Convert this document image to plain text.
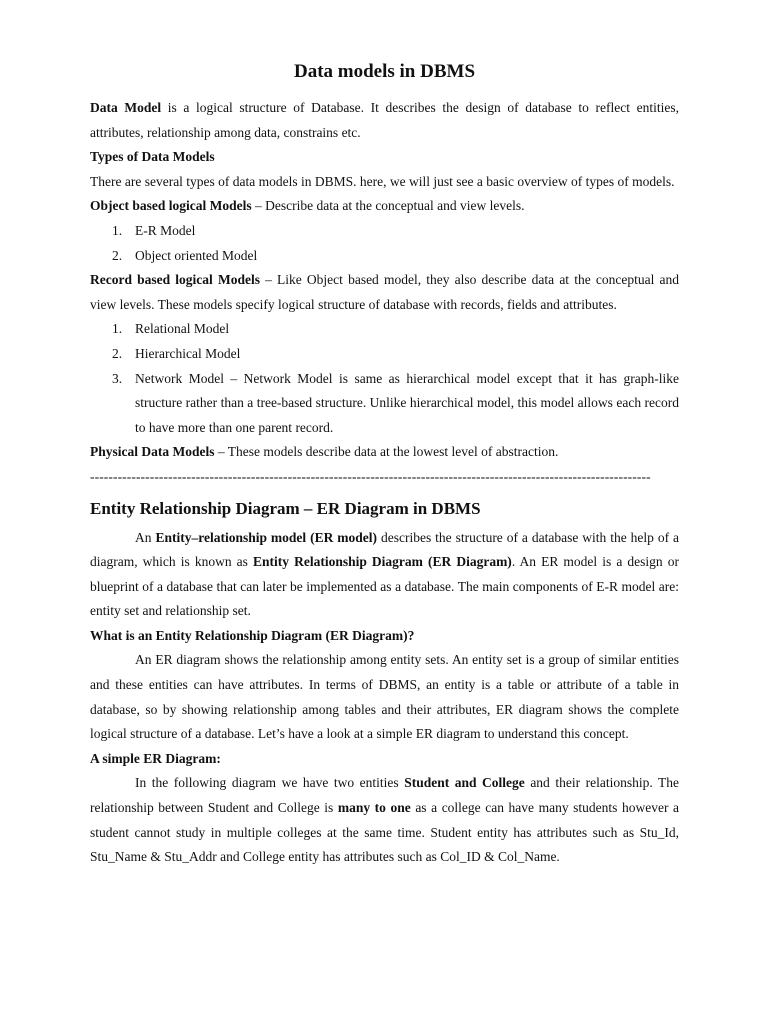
Data models in DBMS

Data Model is a logical structure of Database. It describes the design of database to reflect entities, attributes, relationship among data, constrains etc.

Types of Data Models

There are several types of data models in DBMS. here, we will just see a basic overview of types of models.

Object based logical Models – Describe data at the conceptual and view levels.

1. E-R Model
2. Object oriented Model

Record based logical Models – Like Object based model, they also describe data at the conceptual and view levels. These models specify logical structure of database with records, fields and attributes.

1. Relational Model
2. Hierarchical Model
3. Network Model – Network Model is same as hierarchical model except that it has graph-like structure rather than a tree-based structure. Unlike hierarchical model, this model allows each record to have more than one parent record.

Physical Data Models – These models describe data at the lowest level of abstraction.

--------------------------------------------------------------------------------------------------------------------------

Entity Relationship Diagram – ER Diagram in DBMS

An Entity–relationship model (ER model) describes the structure of a database with the help of a diagram, which is known as Entity Relationship Diagram (ER Diagram). An ER model is a design or blueprint of a database that can later be implemented as a database. The main components of E-R model are: entity set and relationship set.

What is an Entity Relationship Diagram (ER Diagram)?

An ER diagram shows the relationship among entity sets. An entity set is a group of similar entities and these entities can have attributes. In terms of DBMS, an entity is a table or attribute of a table in database, so by showing relationship among tables and their attributes, ER diagram shows the complete logical structure of a database. Let’s have a look at a simple ER diagram to understand this concept.

A simple ER Diagram:

In the following diagram we have two entities Student and College and their relationship. The relationship between Student and College is many to one as a college can have many students however a student cannot study in multiple colleges at the same time. Student entity has attributes such as Stu_Id, Stu_Name & Stu_Addr and College entity has attributes such as Col_ID & Col_Name.
